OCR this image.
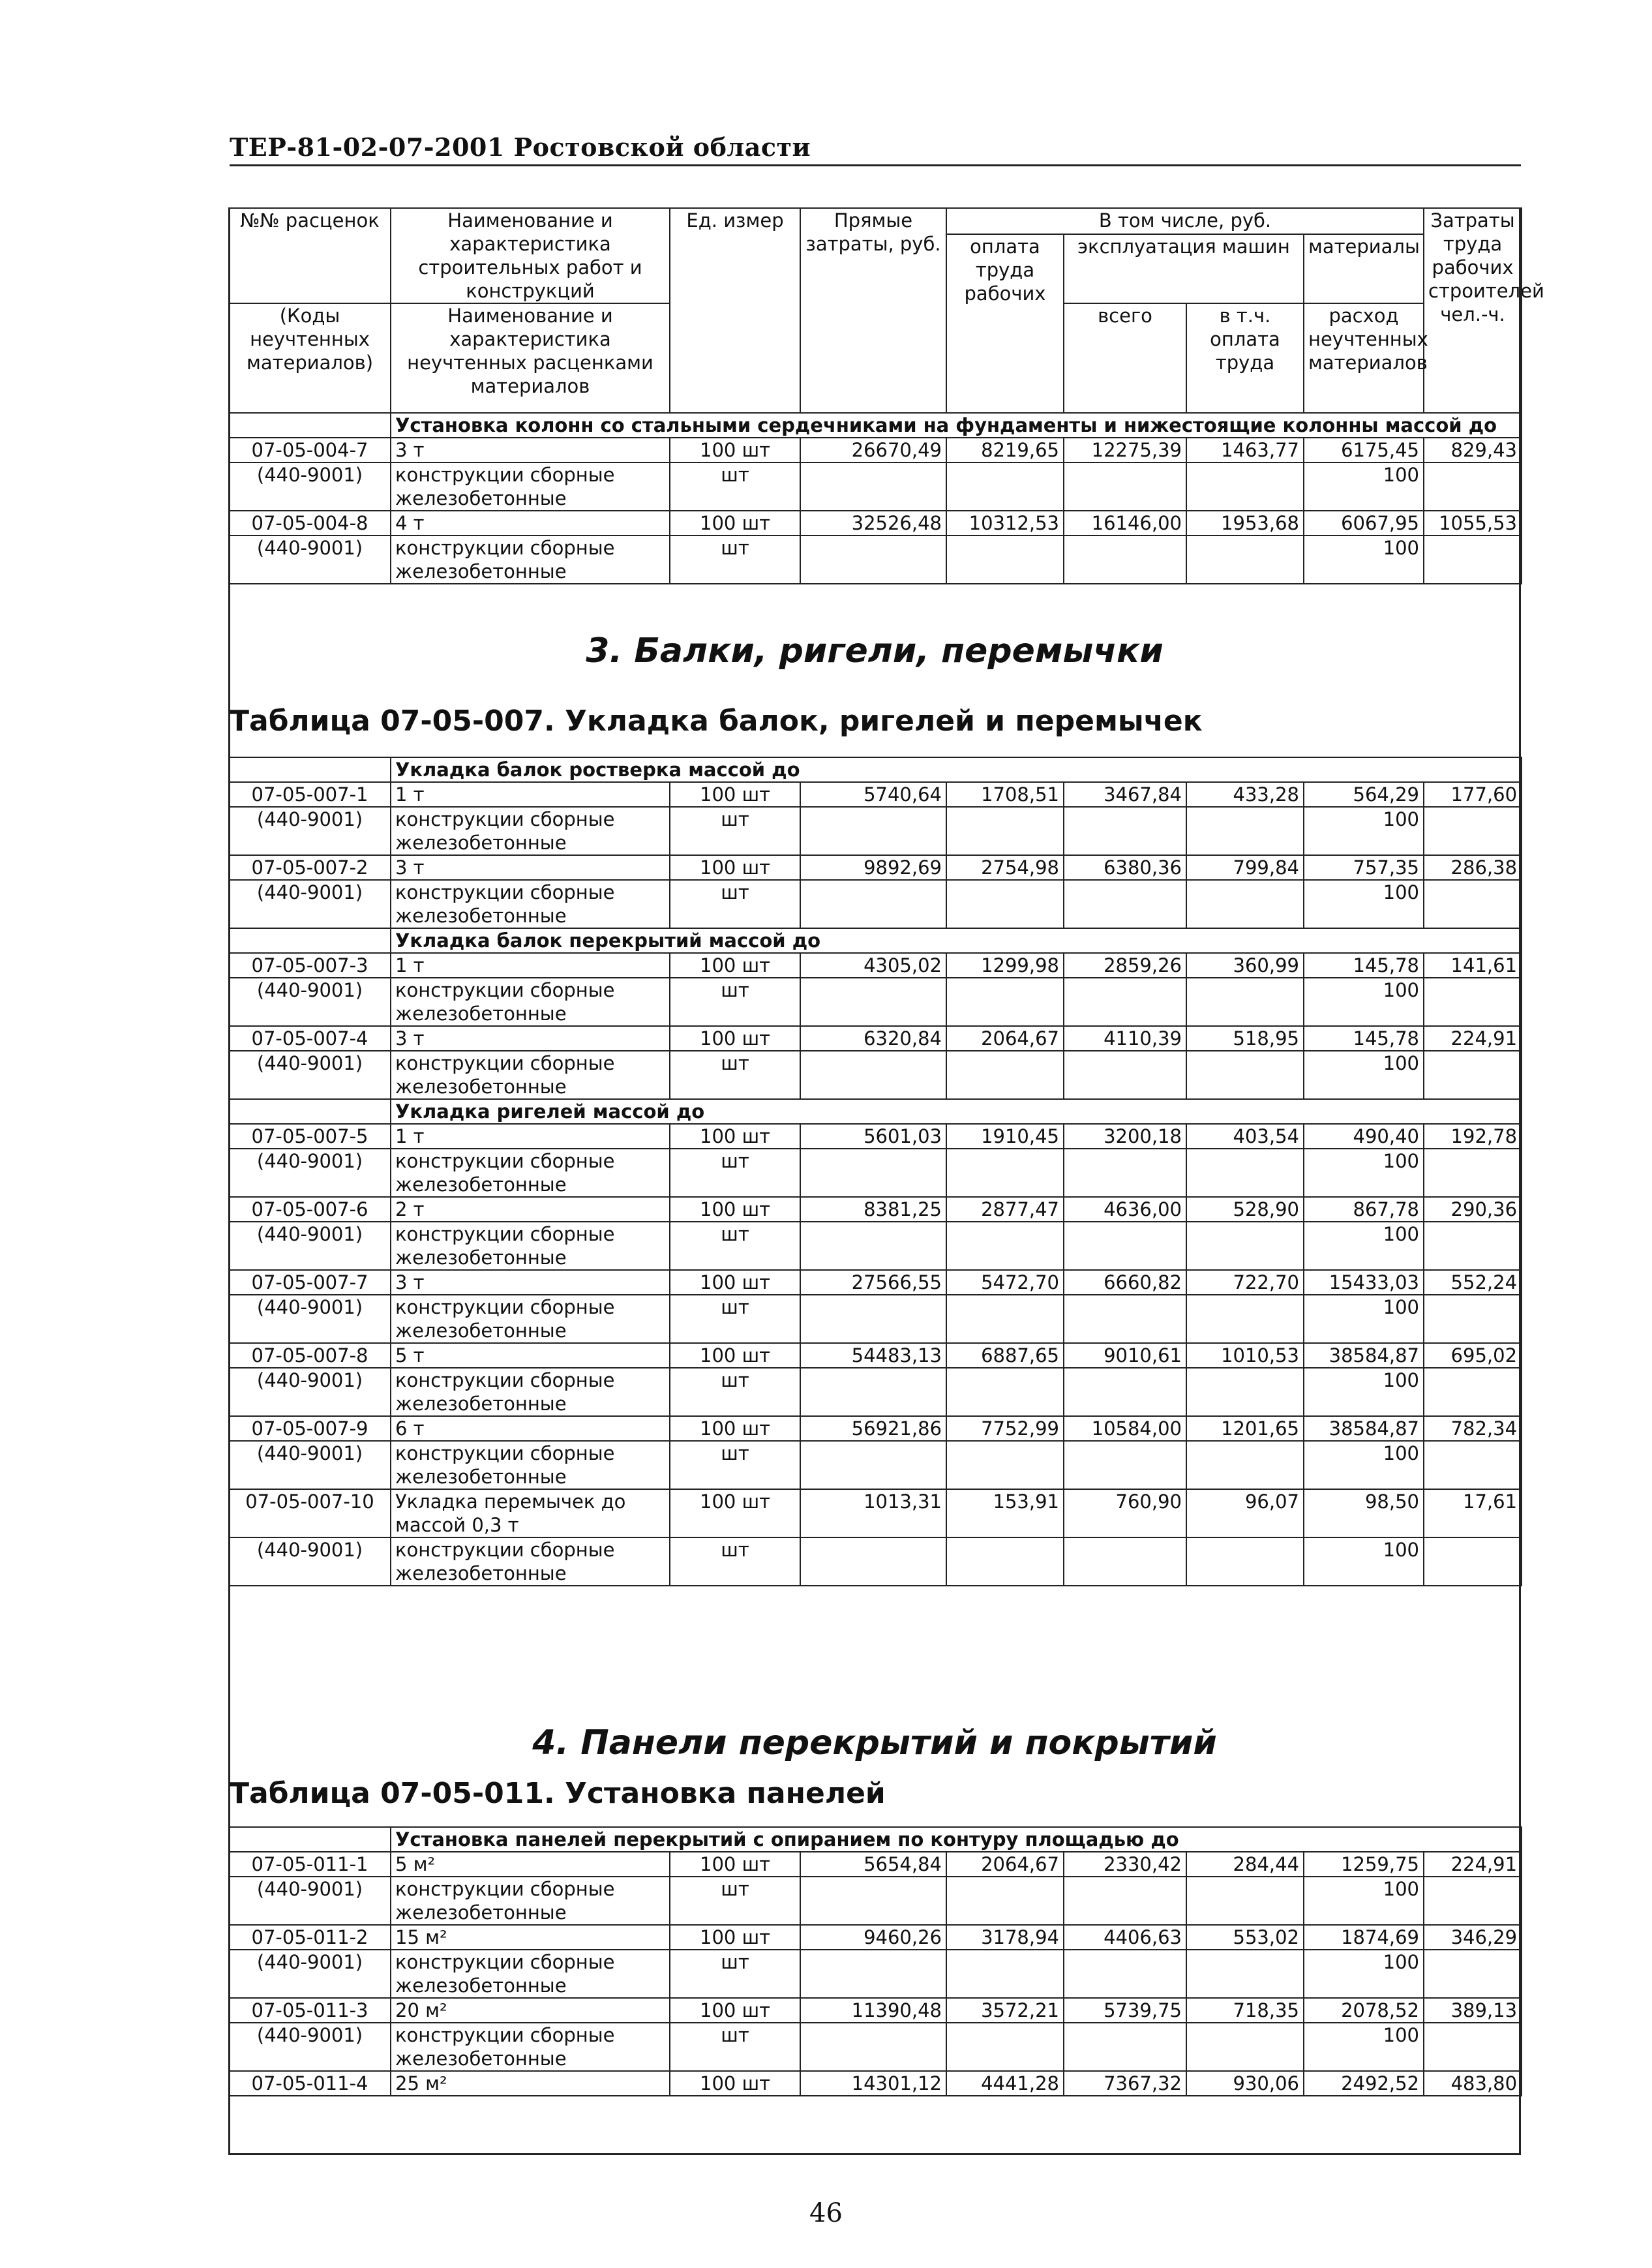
ТЕР-81-02-07-2001 Ростовской области
№№ расценок	Наименование и характеристика строительных работ и конструкций	Ед. измер	Прямые затраты, руб.	В том числе, руб.				Затраты труда рабочих строителей чел.-ч.
				оплата труда рабочих	эксплуатация машин		материалы	
(Коды неучтенных материалов)	Наименование и характеристика неучтенных расценками материалов				всего	в т.ч. оплата труда	расход неучтенных материалов	

	Установка колонн со стальными сердечниками на фундаменты и нижестоящие колонны массой до							
07-05-004-7	3 т	100 шт	26670,49	8219,65	12275,39	1463,77	6175,45	829,43
(440-9001)	конструкции сборные железобетонные	шт					100	
07-05-004-8	4 т	100 шт	32526,48	10312,53	16146,00	1953,68	6067,95	1055,53
(440-9001)	конструкции сборные железобетонные	шт					100	
3. Балки, ригели, перемычки
Таблица 07-05-007. Укладка балок, ригелей и перемычек
	Укладка балок ростверка массой до							
07-05-007-1	1 т	100 шт	5740,64	1708,51	3467,84	433,28	564,29	177,60
(440-9001)	конструкции сборные железобетонные	шт					100	
07-05-007-2	3 т	100 шт	9892,69	2754,98	6380,36	799,84	757,35	286,38
(440-9001)	конструкции сборные железобетонные	шт					100	
	Укладка балок перекрытий массой до							
07-05-007-3	1 т	100 шт	4305,02	1299,98	2859,26	360,99	145,78	141,61
(440-9001)	конструкции сборные железобетонные	шт					100	
07-05-007-4	3 т	100 шт	6320,84	2064,67	4110,39	518,95	145,78	224,91
(440-9001)	конструкции сборные железобетонные	шт					100	
	Укладка ригелей массой до							
07-05-007-5	1 т	100 шт	5601,03	1910,45	3200,18	403,54	490,40	192,78
(440-9001)	конструкции сборные железобетонные	шт					100	
07-05-007-6	2 т	100 шт	8381,25	2877,47	4636,00	528,90	867,78	290,36
(440-9001)	конструкции сборные железобетонные	шт					100	
07-05-007-7	3 т	100 шт	27566,55	5472,70	6660,82	722,70	15433,03	552,24
(440-9001)	конструкции сборные железобетонные	шт					100	
07-05-007-8	5 т	100 шт	54483,13	6887,65	9010,61	1010,53	38584,87	695,02
(440-9001)	конструкции сборные железобетонные	шт					100	
07-05-007-9	6 т	100 шт	56921,86	7752,99	10584,00	1201,65	38584,87	782,34
(440-9001)	конструкции сборные железобетонные	шт					100	
07-05-007-10	Укладка перемычек до массой 0,3 т	100 шт	1013,31	153,91	760,90	96,07	98,50	17,61
(440-9001)	конструкции сборные железобетонные	шт					100	
4. Панели перекрытий и покрытий
Таблица 07-05-011. Установка панелей
	Установка панелей перекрытий с опиранием по контуру площадью до							
07-05-011-1	5 м²	100 шт	5654,84	2064,67	2330,42	284,44	1259,75	224,91
(440-9001)	конструкции сборные железобетонные	шт					100	
07-05-011-2	15 м²	100 шт	9460,26	3178,94	4406,63	553,02	1874,69	346,29
(440-9001)	конструкции сборные железобетонные	шт					100	
07-05-011-3	20 м²	100 шт	11390,48	3572,21	5739,75	718,35	2078,52	389,13
(440-9001)	конструкции сборные железобетонные	шт					100	
07-05-011-4	25 м²	100 шт	14301,12	4441,28	7367,32	930,06	2492,52	483,80
46
